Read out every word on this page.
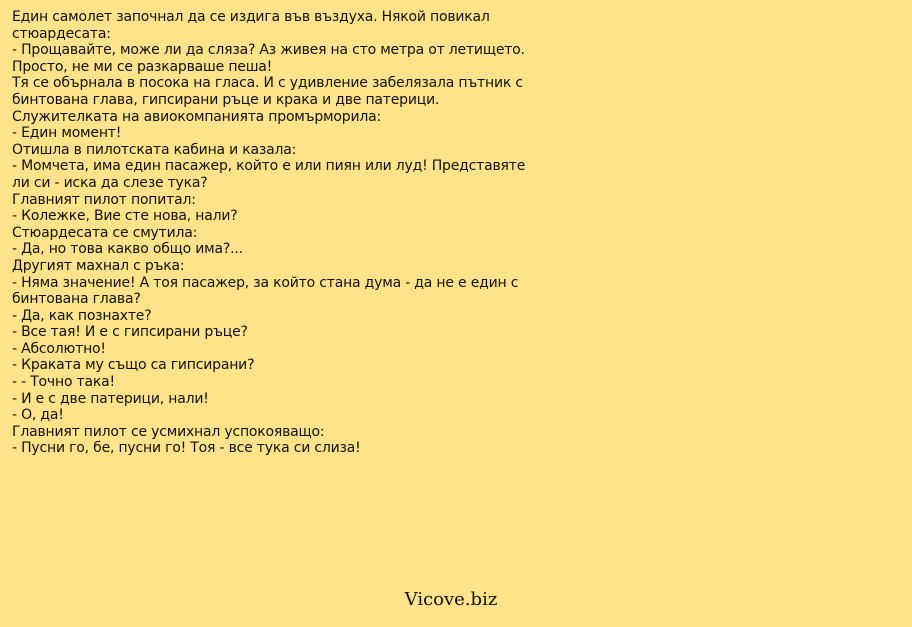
Един самолет започнал да се издига във въздуха. Някой повикал
стюардесата:
- Прощавайте, може ли да сляза? Аз живея на сто метра от летището.
Просто, не ми се разкарваше пеша!
Тя се обърнала в посока на гласа. И с удивление забелязала пътник с
бинтована глава, гипсирани ръце и крака и две патерици.
Служителката на авиокомпанията промърморила:
- Един момент!
Отишла в пилотската кабина и казала:
- Момчета, има един пасажер, който е или пиян или луд! Представяте
ли си - иска да слезе тука?
Главният пилот попитал:
- Колежке, Вие сте нова, нали?
Стюардесата се смутила:
- Да, но това какво общо има?...
Другият махнал с ръка:
- Няма значение! А тоя пасажер, за който стана дума - да не е един с
бинтована глава?
- Да, как познахте?
- Все тая! И е с гипсирани ръце?
- Абсолютно!
- Краката му също са гипсирани?
- - Точно така!
- И е с две патерици, нали!
- О, да!
Главният пилот се усмихнал успокояващо:
- Пусни го, бе, пусни го! Тоя - все тука си слиза!
Vicove.biz
